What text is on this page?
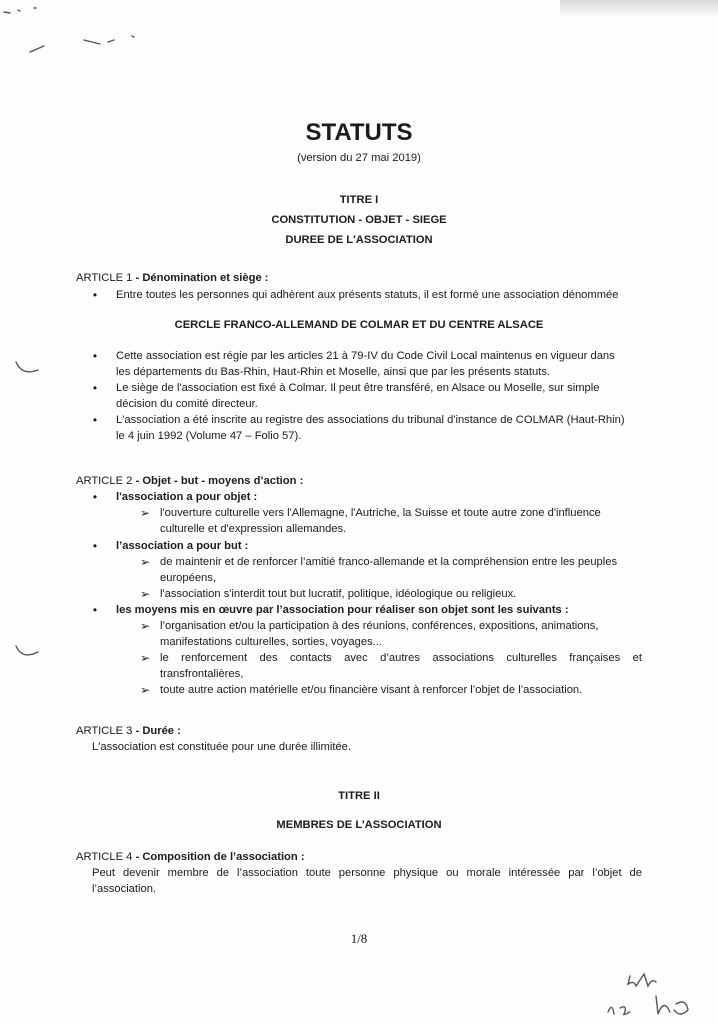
STATUTS
(version du 27 mai 2019)
TITRE I
CONSTITUTION - OBJET - SIEGE
DUREE DE L'ASSOCIATION
ARTICLE 1 - Dénomination et siège :
•	Entre toutes les personnes qui adhèrent aux présents statuts, il est formé une association dénommée
CERCLE FRANCO-ALLEMAND DE COLMAR ET DU CENTRE ALSACE
•	Cette association est régie par les articles 21 à 79-IV du Code Civil Local maintenus en vigueur dans
les départements du Bas-Rhin, Haut-Rhin et Moselle, ainsi que par les présents statuts.
•	Le siège de l'association est fixé à Colmar. Il peut être transféré, en Alsace ou Moselle, sur simple
décision du comité directeur.
•	L'association a été inscrite au registre des associations du tribunal d'instance de COLMAR (Haut-Rhin)
le 4 juin 1992 (Volume 47 – Folio 57).
ARTICLE 2 - Objet - but - moyens d’action :
•	l'association a pour objet :
➢ l'ouverture culturelle vers l'Allemagne, l'Autriche, la Suisse et toute autre zone d'influence
culturelle et d'expression allemandes.
•	l’association a pour but :
➢ de maintenir et de renforcer l’amitié franco-allemande et la compréhension entre les peuples
européens,
➢ l'association s'interdit tout but lucratif, politique, idéologique ou religieux.
•	les moyens mis en œuvre par l’association pour réaliser son objet sont les suivants :
➢ l’organisation et/ou la participation à des réunions, conférences, expositions, animations,
manifestations culturelles, sorties, voyages...
➢ le renforcement des contacts avec d’autres associations culturelles françaises et
transfrontalières,
➢ toute autre action matérielle et/ou financière visant à renforcer l’objet de l’association.
ARTICLE 3 - Durée :
L'association est constituée pour une durée illimitée.
TITRE II
MEMBRES DE L’ASSOCIATION
ARTICLE 4 - Composition de l’association :
Peut devenir membre de l’association toute personne physique ou morale intéressée par l’objet de
l’association.
1/8
